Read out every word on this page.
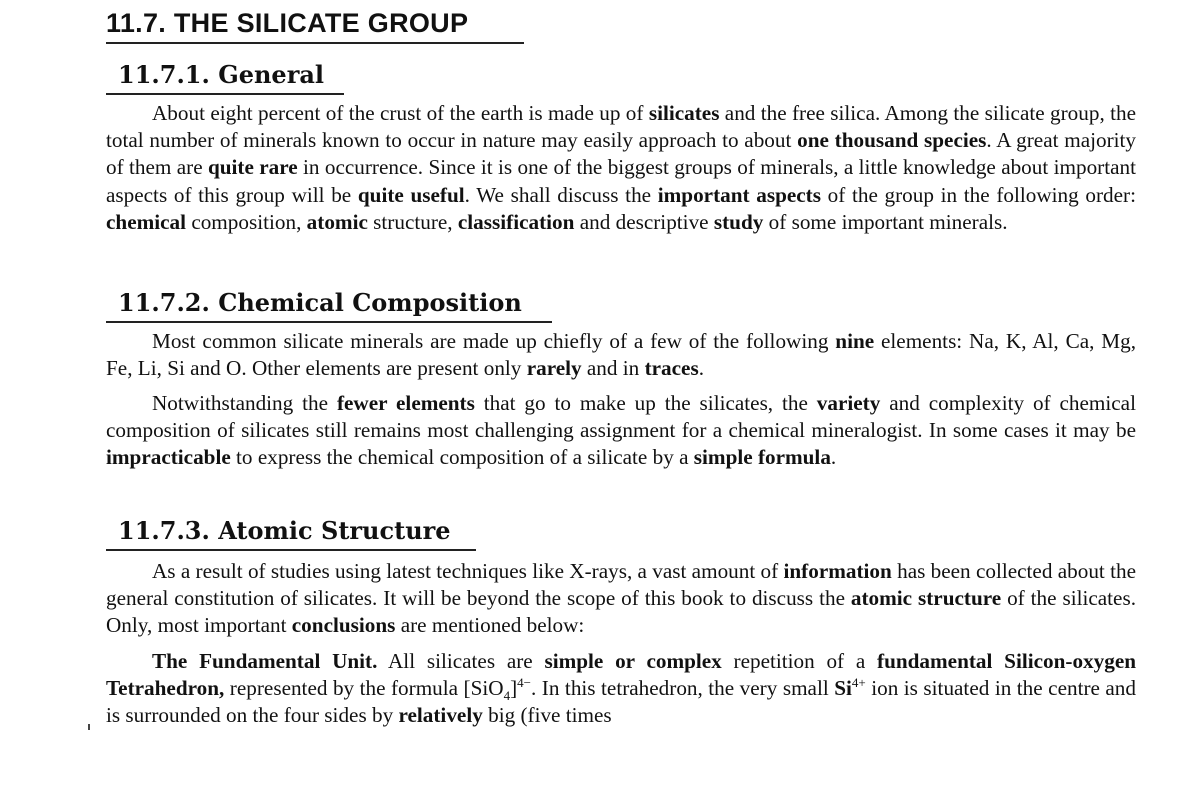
11.7. THE SILICATE GROUP
11.7.1. General

About eight percent of the crust of the earth is made up of silicates and the free silica. Among the silicate group, the total number of minerals known to occur in nature may easily approach to about one thousand species. A great majority of them are quite rare in occurrence. Since it is one of the biggest groups of minerals, a little knowledge about important aspects of this group will be quite useful. We shall discuss the important aspects of the group in the following order: chemical composition, atomic structure, classification and descriptive study of some important minerals.

11.7.2. Chemical Composition

Most common silicate minerals are made up chiefly of a few of the following nine elements: Na, K, Al, Ca, Mg, Fe, Li, Si and O. Other elements are present only rarely and in traces.

Notwithstanding the fewer elements that go to make up the silicates, the variety and complexity of chemical composition of silicates still remains most challenging assignment for a chemical mineralogist. In some cases it may be impracticable to express the chemical composition of a silicate by a simple formula.

11.7.3. Atomic Structure

As a result of studies using latest techniques like X-rays, a vast amount of information has been collected about the general constitution of silicates. It will be beyond the scope of this book to discuss the atomic structure of the silicates. Only, most important conclusions are mentioned below:

The Fundamental Unit. All silicates are simple or complex repetition of a fundamental Silicon-oxygen Tetrahedron, represented by the formula $[SiO_4]^{4-}$. In this tetrahedron, the very small $Si^{4+}$ ion is situated in the centre and is surrounded on the four sides by relatively big (five times
